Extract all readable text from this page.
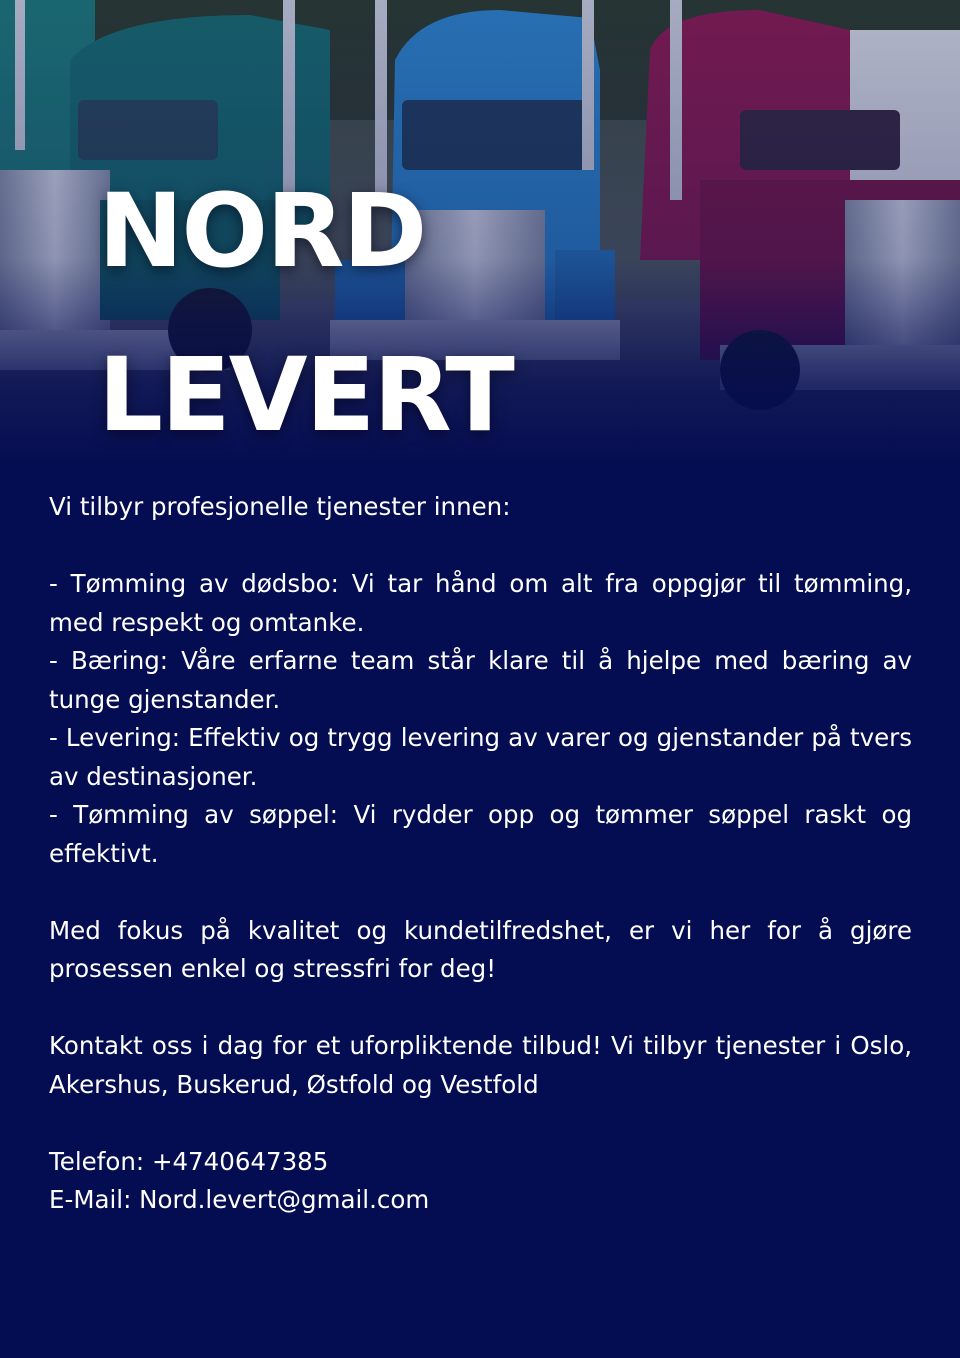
NORD
LEVERT

Vi tilbyr profesjonelle tjenester innen:

- Tømming av dødsbo: Vi tar hånd om alt fra oppgjør til tømming, med respekt og omtanke.

- Bæring: Våre erfarne team står klare til å hjelpe med bæring av tunge gjenstander.

- Levering: Effektiv og trygg levering av varer og gjenstander på tvers av destinasjoner.

- Tømming av søppel: Vi rydder opp og tømmer søppel raskt og effektivt.

Med fokus på kvalitet og kundetilfredshet, er vi her for å gjøre prosessen enkel og stressfri for deg!

Kontakt oss i dag for et uforpliktende tilbud! Vi tilbyr tjenester i Oslo, Akershus, Buskerud, Østfold og Vestfold

Telefon: +4740647385

E-Mail: Nord.levert@gmail.com
